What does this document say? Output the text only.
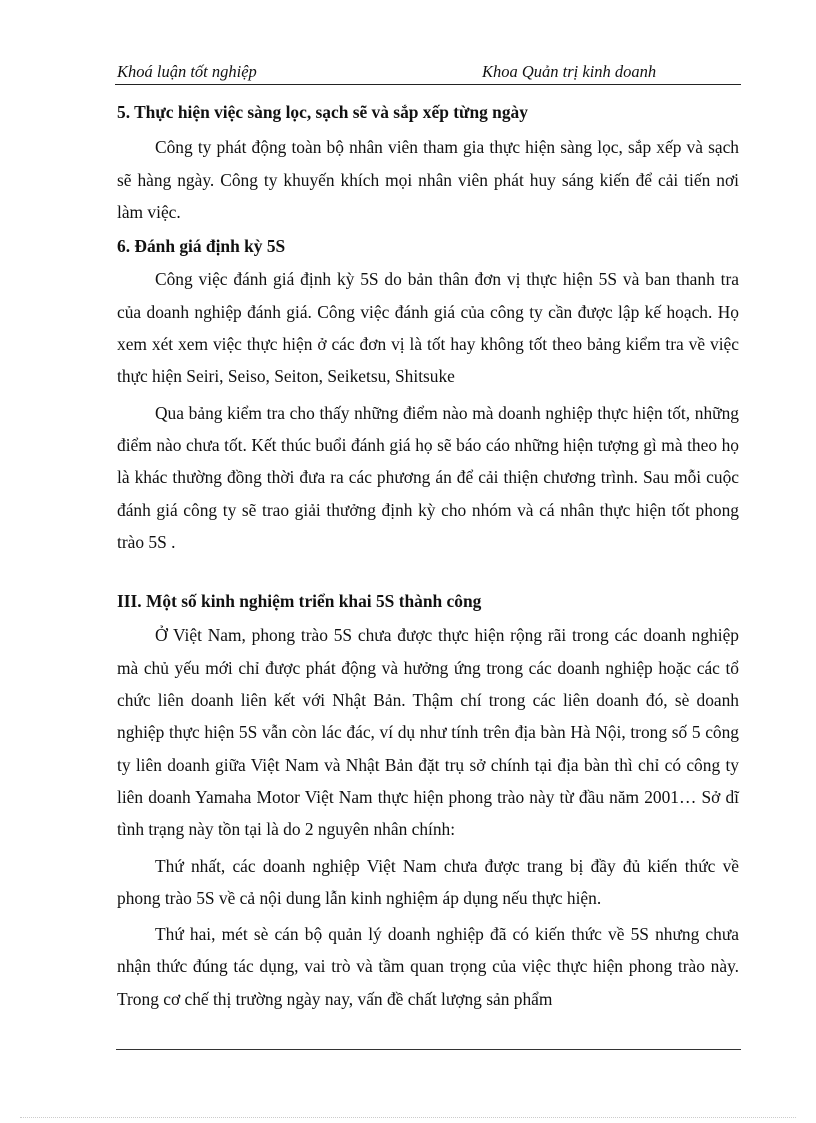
Khoá luận tốt nghiệp	Khoa Quản trị kinh doanh

5. Thực hiện việc sàng lọc, sạch sẽ và sắp xếp từng ngày

Công ty phát động toàn bộ nhân viên tham gia thực hiện sàng lọc, sắp xếp và sạch sẽ hàng ngày. Công ty khuyến khích mọi nhân viên phát huy sáng kiến để cải tiến nơi làm việc.

6. Đánh giá định kỳ 5S

Công việc đánh giá định kỳ 5S do bản thân đơn vị thực hiện 5S và ban thanh tra của doanh nghiệp đánh giá. Công việc đánh giá của công ty cần được lập kế hoạch. Họ xem xét xem việc thực hiện ở các đơn vị là tốt hay không tốt theo bảng kiểm tra về việc thực hiện Seiri, Seiso, Seiton, Seiketsu, Shitsuke

Qua bảng kiểm tra cho thấy những điểm nào mà doanh nghiệp thực hiện tốt, những điểm nào chưa tốt. Kết thúc buổi đánh giá họ sẽ báo cáo những hiện tượng gì mà theo họ là khác thường đồng thời đưa ra các phương án để cải thiện chương trình. Sau mỗi cuộc đánh giá công ty sẽ trao giải thưởng định kỳ cho nhóm và cá nhân thực hiện tốt phong trào 5S .

III. Một số kinh nghiệm triển khai 5S thành công

Ở Việt Nam, phong trào 5S chưa được thực hiện rộng rãi trong các doanh nghiệp mà chủ yếu mới chỉ được phát động và hưởng ứng trong các doanh nghiệp hoặc các tổ chức liên doanh liên kết với Nhật Bản. Thậm chí trong các liên doanh đó, sè doanh nghiệp thực hiện 5S vẫn còn lác đác, ví dụ như tính trên địa bàn Hà Nội, trong số 5 công ty liên doanh giữa Việt Nam và Nhật Bản đặt trụ sở chính tại địa bàn thì chỉ có công ty liên doanh Yamaha Motor Việt Nam thực hiện phong trào này từ đầu năm 2001… Sở dĩ tình trạng này tồn tại là do 2 nguyên nhân chính:

Thứ nhất, các doanh nghiệp Việt Nam chưa được trang bị đầy đủ kiến thức về phong trào 5S về cả nội dung lẫn kinh nghiệm áp dụng nếu thực hiện.

Thứ hai, mét sè cán bộ quản lý doanh nghiệp đã có kiến thức về 5S nhưng chưa nhận thức đúng tác dụng, vai trò và tầm quan trọng của việc thực hiện phong trào này. Trong cơ chế thị trường ngày nay, vấn đề chất lượng sản phẩm
